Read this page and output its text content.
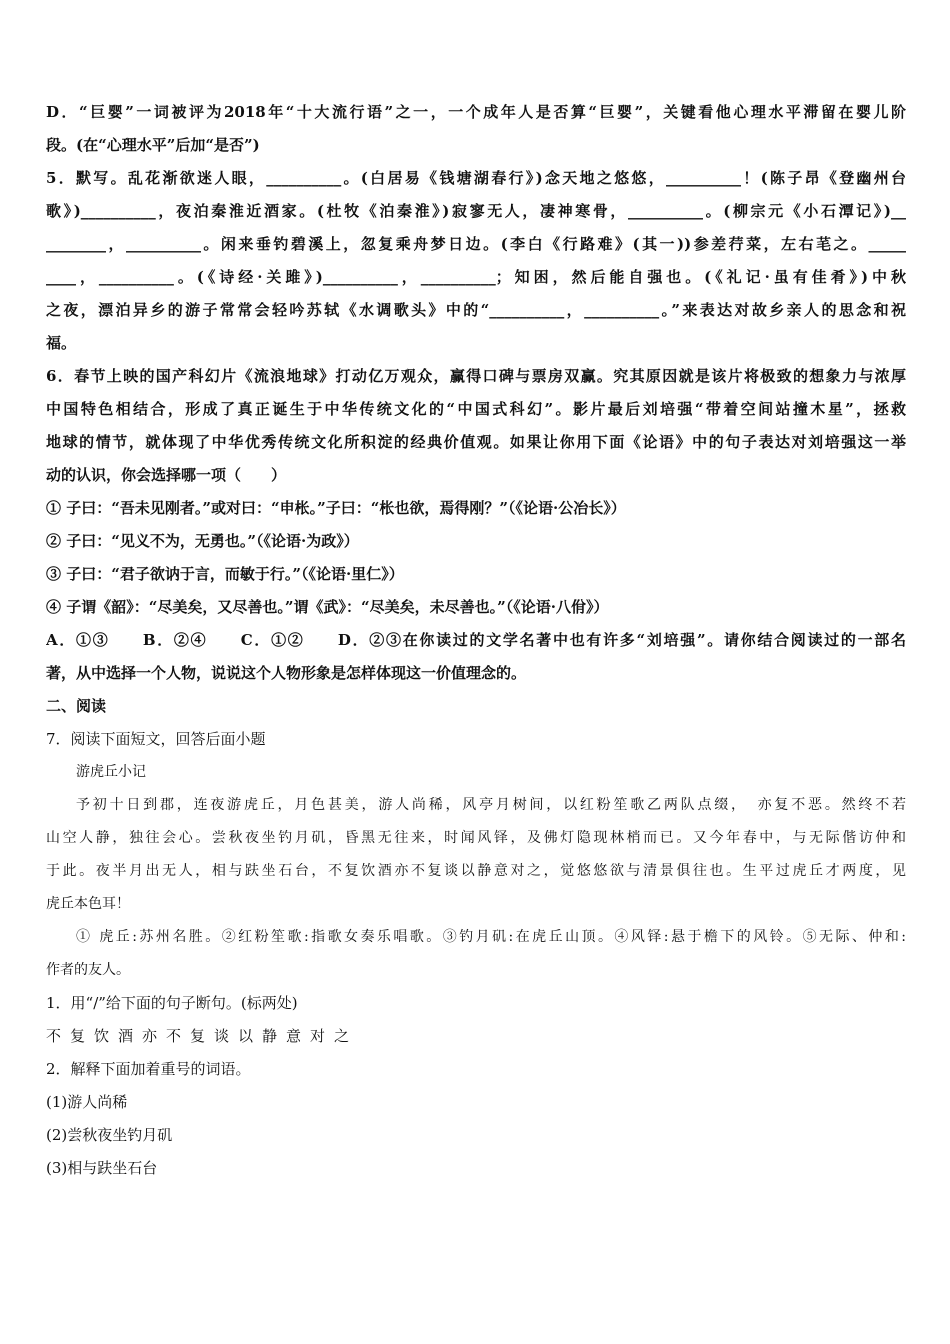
D．“巨婴”一词被评为2018年“十大流行语”之一，一个成年人是否算“巨婴”，关键看他心理水平滞留在婴儿阶
段。(在“心理水平”后加“是否”)
5．默写。乱花渐欲迷人眼，__________。(白居易《钱塘湖春行》)念天地之悠悠，__________！(陈子昂《登幽州台
歌》)__________，夜泊秦淮近酒家。(杜牧《泊秦淮》)寂寥无人，凄神寒骨，__________。(柳宗元《小石潭记》)__
________，__________。闲来垂钓碧溪上，忽复乘舟梦日边。(李白《行路难》(其一))参差荇菜，左右芼之。_____
____，__________。(《诗经·关雎》)__________，__________；知困，然后能自强也。(《礼记·虽有佳肴》)中秋
之夜，漂泊异乡的游子常常会轻吟苏轼《水调歌头》中的“__________，__________。”来表达对故乡亲人的思念和祝
福。
6．春节上映的国产科幻片《流浪地球》打动亿万观众，赢得口碑与票房双赢。究其原因就是该片将极致的想象力与浓厚
中国特色相结合，形成了真正诞生于中华传统文化的“中国式科幻”。影片最后刘培强“带着空间站撞木星”，拯救
地球的情节，就体现了中华优秀传统文化所积淀的经典价值观。如果让你用下面《论语》中的句子表达对刘培强这一举
动的认识，你会选择哪一项（　　）
① 子曰：“吾未见刚者。”或对曰：“申枨。”子曰：“枨也欲，焉得刚？”（《论语·公冶长》）
② 子曰：“见义不为，无勇也。”（《论语·为政》）
③ 子曰：“君子欲讷于言，而敏于行。”（《论语·里仁》）
④ 子谓《韶》：“尽美矣，又尽善也。”谓《武》：“尽美矣，未尽善也。”（《论语·八佾》）
A．①③　　B．②④　　C．①②　　D．②③在你读过的文学名著中也有许多“刘培强”。请你结合阅读过的一部名
著，从中选择一个人物，说说这个人物形象是怎样体现这一价值理念的。
二、阅读
7．阅读下面短文，回答后面小题
游虎丘小记
予初十日到郡，连夜游虎丘，月色甚美，游人尚稀，风亭月树间，以红粉笙歌乙两队点缀，　亦复不恶。然终不若
山空人静，独往会心。尝秋夜坐钓月矶，昏黑无往来，时闻风铎，及佛灯隐现林梢而已。又今年春中，与无际偕访仲和
于此。夜半月出无人，相与趺坐石台，不复饮酒亦不复谈以静意对之，觉悠悠欲与清景俱往也。生平过虎丘才两度，见
虎丘本色耳！
① 虎丘:苏州名胜。②红粉笙歌:指歌女奏乐唱歌。③钓月矶:在虎丘山顶。④风铎:悬于檐下的风铃。⑤无际、仲和:
作者的友人。
1．用“/”给下面的句子断句。(标两处)
不复饮酒亦不复谈以静意对之
2．解释下面加着重号的词语。
(1)游人尚稀
(2)尝秋夜坐钓月矶
(3)相与趺坐石台
